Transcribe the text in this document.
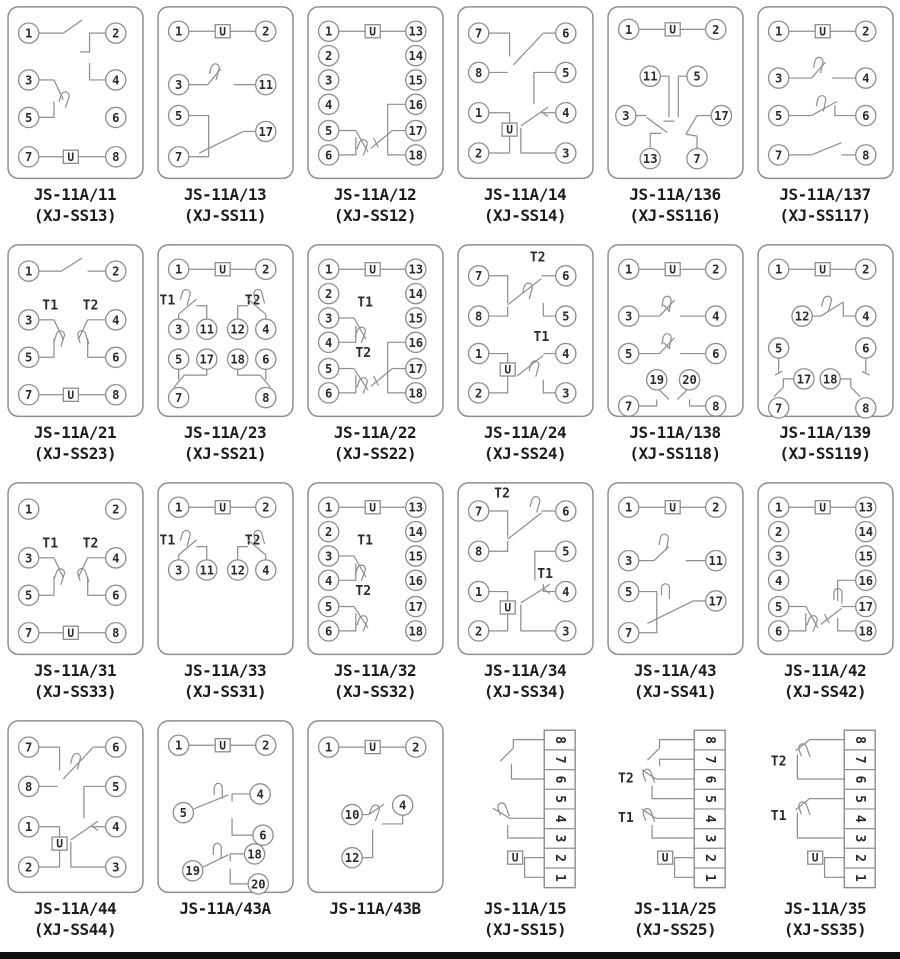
1	2
3	4
5	6
7	8
U
JS-11A/11
(XJ-SS13)
1	2
3	11
5
17
7
U
JS-11A/13
(XJ-SS11)
1
2
3
4
5
6
13
14
15
16
17
18
U
JS-11A/12
(XJ-SS12)
7	6
8	5
1	4
2	3
U
JS-11A/14
(XJ-SS14)
1	2
11	5
3	17
13	7
U
JS-11A/136
(XJ-SS116)
1	2
3	4
5	6
7	8
U
JS-11A/137
(XJ-SS117)
1	2
3	4
5	6
7	8
T1 T2
U
JS-11A/21
(XJ-SS23)
1	2
3 11 12 4
5 17 18 6
7	8
U
T1	T2
JS-11A/23
(XJ-SS21)
1
2
3
4
5
6
13
14
15
16
17
18
U
T1
T2
JS-11A/22
(XJ-SS22)
7	6
8	5
1	4
2	3
T2
T1
U
JS-11A/24
(XJ-SS24)
1	2
3	4
5	6
19 20
7	8
U
JS-11A/138
(XJ-SS118)
1	2
12	4
5	6
17 18
7	8
U
JS-11A/139
(XJ-SS119)
1	2
3	4
5	6
7	8
T1 T2
U
JS-11A/31
(XJ-SS33)
1	2
3 11 12 4
U
T1	T2
JS-11A/33
(XJ-SS31)
1
2
3
4
5
6
13
14
15
16
17
18
U
T1
T2
JS-11A/32
(XJ-SS32)
7	6
8	5
1	4
2	3
T2
T1
U
JS-11A/34
(XJ-SS34)
1	2
3	11
5
17
7
U
JS-11A/43
(XJ-SS41)
1
2
3
4
5
6
13
14
15
16
17
18
U
JS-11A/42
(XJ-SS42)
7	6
8	5
1	4
2	3
U
JS-11A/44
(XJ-SS44)
1	2
5
4
6
19
18
20
U
JS-11A/43A
1	2
10
4
12
U
JS-11A/43B
8
7
6
5
4
3
2
1
U
JS-11A/15
(XJ-SS15)
8
7
6
5
4
3
2
1
T2
T1
U
JS-11A/25
(XJ-SS25)
8
7
6
5
4
3
2
1
T2
T1
U
JS-11A/35
(XJ-SS35)
